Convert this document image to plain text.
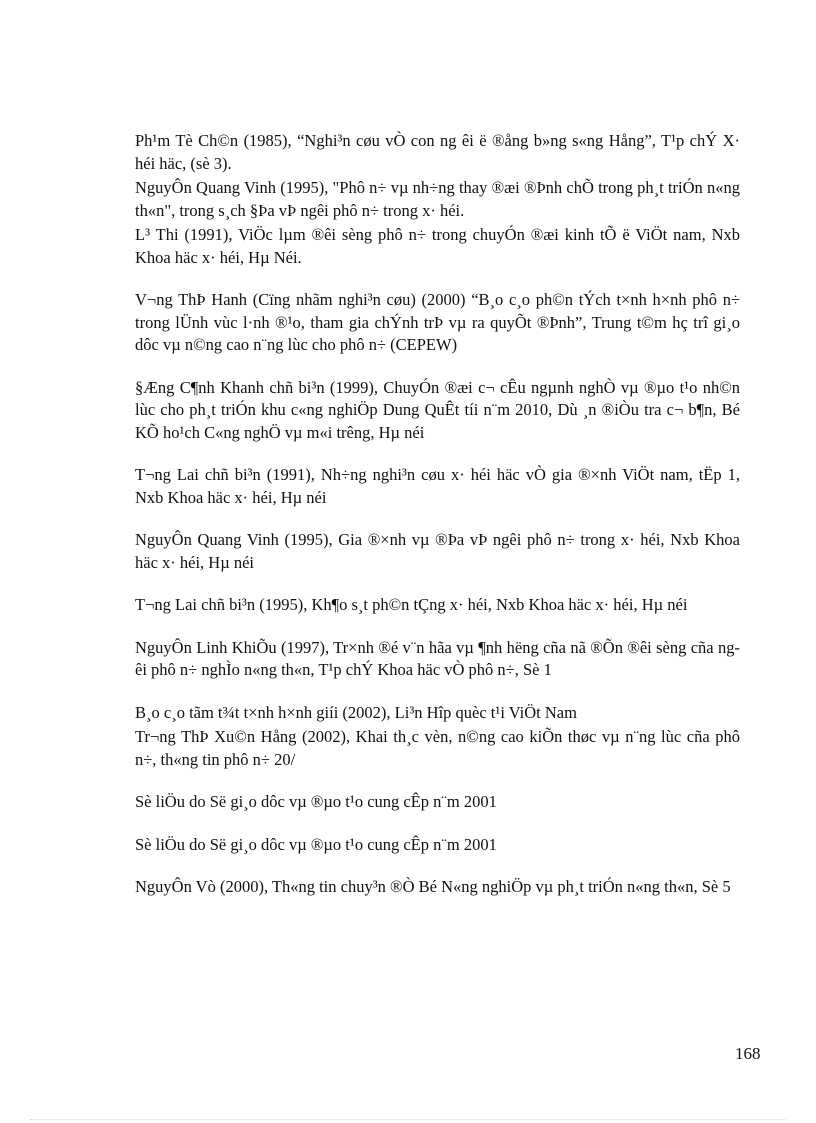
Ph¹m Tè Ch©n (1985), “Nghi³n cøu vÒ con ng êi ë ®ång b»ng s«ng Hång”, T¹p chÝ X· héi häc, (sè 3).

NguyÔn Quang Vinh (1995), "Phô n÷ vµ nh÷ng thay ®æi ®Þnh chÕ trong ph¸t triÓn n«ng th«n", trong s¸ch §Þa vÞ ngêi phô n÷ trong x· héi.

L³ Thi (1991), ViÖc lµm ®êi sèng phô n÷ trong chuyÓn ®æi kinh tÕ ë ViÖt nam, Nxb Khoa häc x· héi, Hµ Néi.

V¬ng ThÞ Hanh (Cïng nhãm nghi³n cøu) (2000) “B¸o c¸o ph©n tÝch t×nh h×nh phô n÷ trong lÜnh vùc l·nh ®¹o, tham gia chÝnh trÞ vµ ra quyÕt ®Þnh”, Trung t©m hç trî gi¸o dôc vµ n©ng cao n¨ng lùc cho phô n÷ (CEPEW)

§Æng C¶nh Khanh chñ bi³n (1999), ChuyÓn ®æi c¬ cÊu ngµnh nghÒ vµ ®µo t¹o nh©n lùc cho ph¸t triÓn khu c«ng nghiÖp Dung QuÊt tíi n¨m 2010, Dù ¸n ®iÒu tra c¬ b¶n, Bé KÕ ho¹ch C«ng nghÖ vµ m«i trêng, Hµ néi

T¬ng Lai chñ bi³n (1991), Nh÷ng nghi³n cøu x· héi häc vÒ gia ®×nh ViÖt nam, tËp 1, Nxb Khoa häc x· héi, Hµ néi

NguyÔn Quang Vinh (1995), Gia ®×nh vµ ®Þa vÞ ngêi phô n÷ trong x· héi, Nxb Khoa häc x· héi, Hµ néi

T¬ng Lai chñ bi³n (1995), Kh¶o s¸t ph©n tÇng x· héi, Nxb Khoa häc x· héi, Hµ néi

NguyÔn Linh KhiÕu (1997), Tr×nh ®é v¨n hãa vµ ¶nh hëng cña nã ®Õn ®êi sèng cña ngêi phô n÷ nghÌo n«ng th«n, T¹p chÝ Khoa häc vÒ phô n÷, Sè 1

B¸o c¸o tãm t¾t t×nh h×nh giíi (2002), Li³n Hîp quèc t¹i ViÖt Nam

Tr¬ng ThÞ Xu©n Hång (2002), Khai th¸c vèn, n©ng cao kiÕn thøc vµ n¨ng lùc cña phô n÷, th«ng tin phô n÷ 20/

Sè liÖu do Së gi¸o dôc vµ ®µo t¹o cung cÊp n¨m 2001

Sè liÖu do Së gi¸o dôc vµ ®µo t¹o cung cÊp n¨m 2001

NguyÔn Vò (2000), Th«ng tin chuy³n ®Ò Bé N«ng nghiÖp vµ ph¸t triÓn n«ng th«n, Sè 5

168
